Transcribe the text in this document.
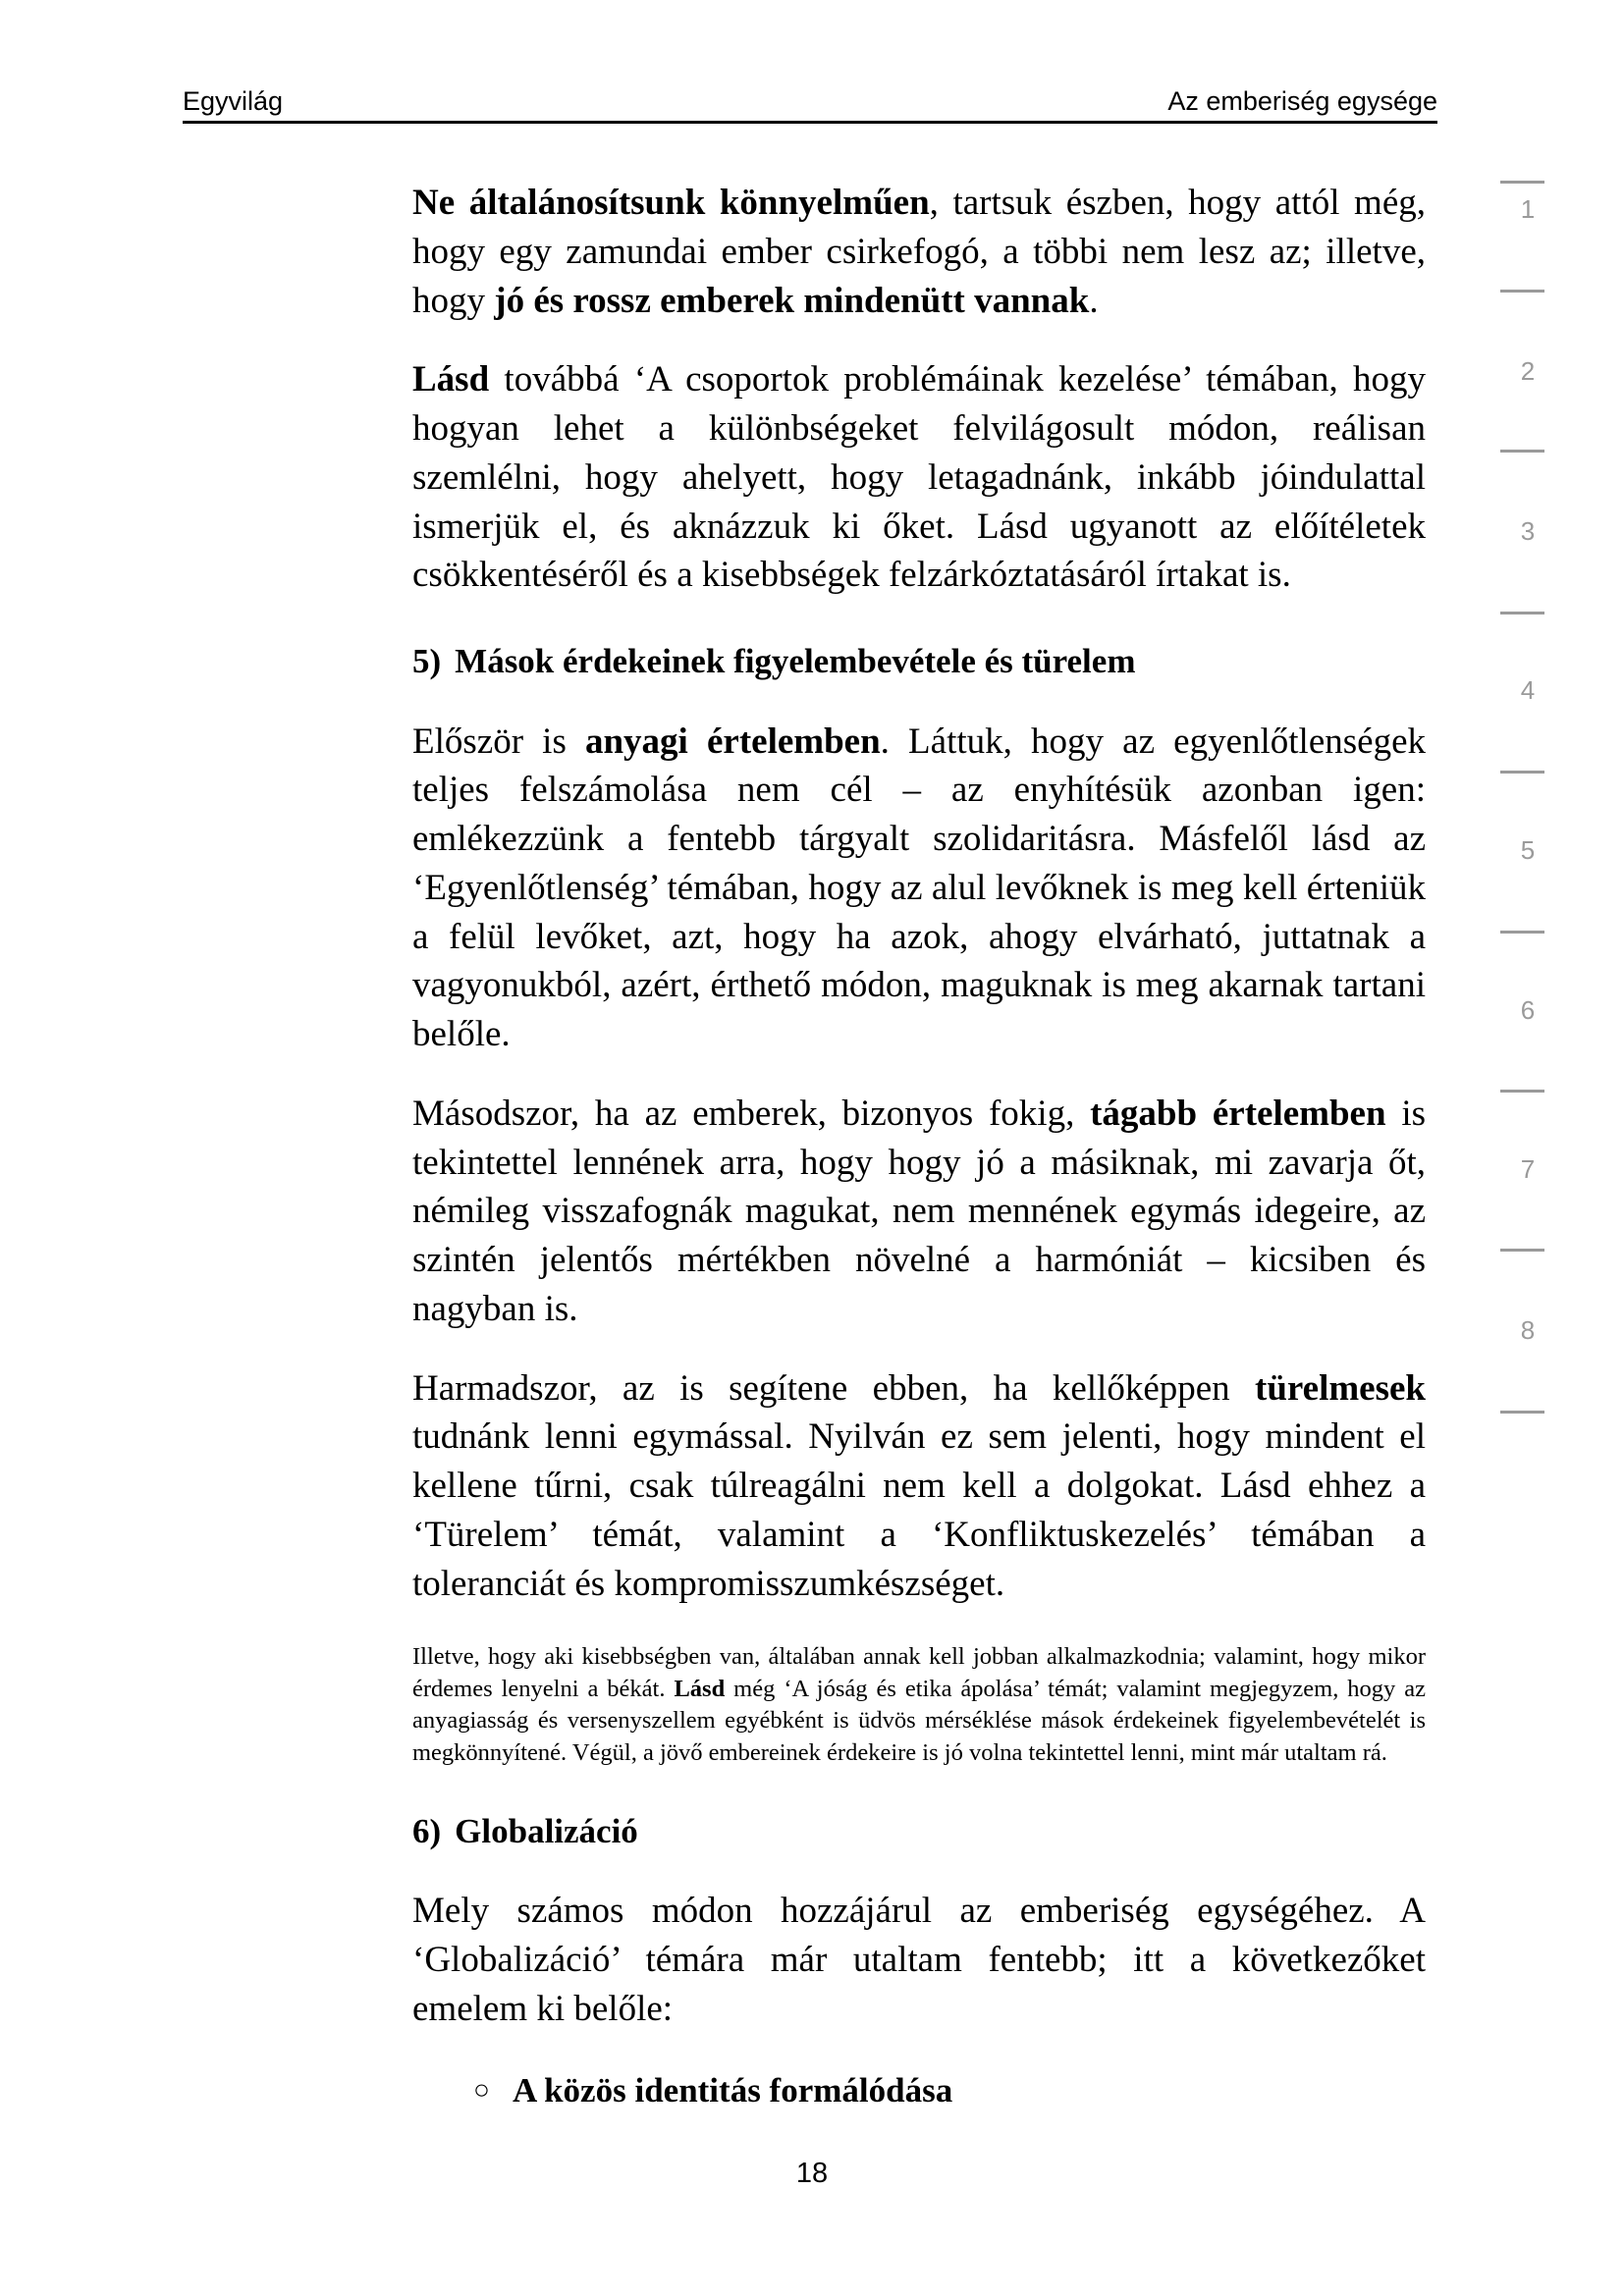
Egyvilág	Az emberiség egysége

Ne általánosítsunk könnyelműen, tartsuk észben, hogy attól még, hogy egy zamundai ember csirkefogó, a többi nem lesz az; illetve, hogy jó és rossz emberek mindenütt vannak.

Lásd továbbá ‘A csoportok problémáinak kezelése’ témában, hogy hogyan lehet a különbségeket felvilágosult módon, reálisan szemlélni, hogy ahelyett, hogy letagadnánk, inkább jóindulattal ismerjük el, és aknázzuk ki őket. Lásd ugyanott az előítéletek csökkentéséről és a kisebbségek felzárkóztatásáról írtakat is.

5) Mások érdekeinek figyelembevétele és türelem

Először is anyagi értelemben. Láttuk, hogy az egyenlőtlenségek teljes felszámolása nem cél – az enyhítésük azonban igen: emlékezzünk a fentebb tárgyalt szolidaritásra. Másfelől lásd az ‘Egyenlőtlenség’ témában, hogy az alul levőknek is meg kell érteniük a felül levőket, azt, hogy ha azok, ahogy elvárható, juttatnak a vagyonukból, azért, érthető módon, maguknak is meg akarnak tartani belőle.

Másodszor, ha az emberek, bizonyos fokig, tágabb értelemben is tekintettel lennének arra, hogy hogy jó a másiknak, mi zavarja őt, némileg visszafognák magukat, nem mennének egymás idegeire, az szintén jelentős mértékben növelné a harmóniát – kicsiben és nagyban is.

Harmadszor, az is segítene ebben, ha kellőképpen türelmesek tudnánk lenni egymással. Nyilván ez sem jelenti, hogy mindent el kellene tűrni, csak túlreagálni nem kell a dolgokat. Lásd ehhez a ‘Türelem’ témát, valamint a ‘Konfliktuskezelés’ témában a toleranciát és kompromisszumkészséget.

Illetve, hogy aki kisebbségben van, általában annak kell jobban alkalmazkodnia; valamint, hogy mikor érdemes lenyelni a békát. Lásd még ‘A jóság és etika ápolása’ témát; valamint megjegyzem, hogy az anyagiasság és versenyszellem egyébként is üdvös mérséklése mások érdekeinek figyelembevételét is megkönnyítené. Végül, a jövő embereinek érdekeire is jó volna tekintettel lenni, mint már utaltam rá.

6) Globalizáció

Mely számos módon hozzájárul az emberiség egységéhez. A ‘Globalizáció’ témára már utaltam fentebb; itt a következőket emelem ki belőle:

○ A közös identitás formálódása
1
2
3
4
5
6
7
8
18
